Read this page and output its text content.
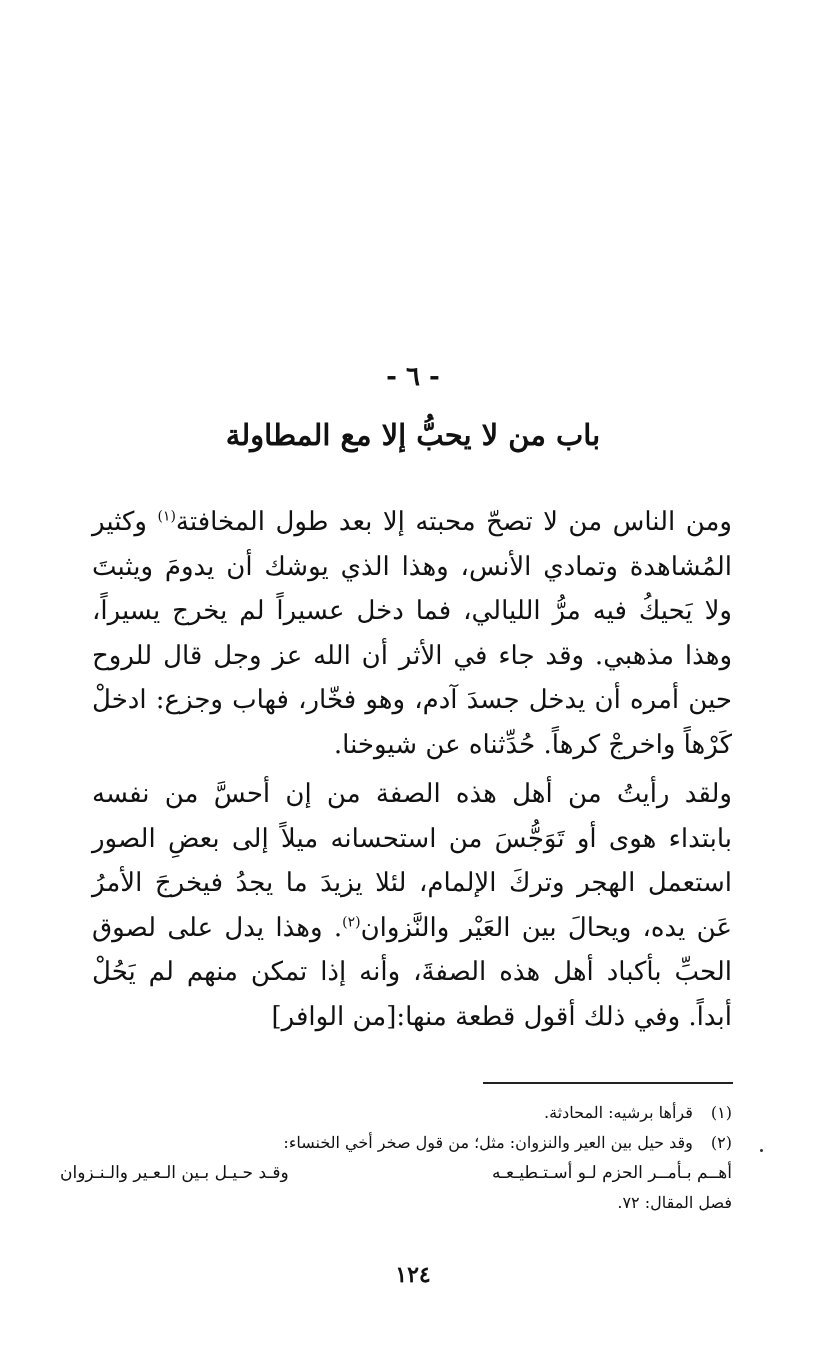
- ٦ -
باب من لا يحبُّ إلا مع المطاولة
ومن الناس من لا تصحّ محبته إلا بعد طول المخافتة$^{(١)}$ وكثير المُشاهدة وتمادي الأنس، وهذا الذي يوشك أن يدومَ ويثبتَ ولا يَحيكُ فيه مرُّ الليالي، فما دخل عسيراً لم يخرج يسيراً، وهذا مذهبي. وقد جاء في الأثر أن الله عز وجل قال للروح حين أمره أن يدخل جسدَ آدم، وهو فخّار، فهاب وجزع: ادخلْ كَرْهاً واخرجْ كرهاً. حُدِّثناه عن شيوخنا.
ولقد رأيتُ من أهل هذه الصفة من إن أحسَّ من نفسه بابتداء هوى أو تَوَجُّسَ من استحسانه ميلاً إلى بعضِ الصور استعمل الهجر وتركَ الإلمام، لئلا يزيدَ ما يجدُ فيخرجَ الأمرُ عَن يده، ويحالَ بين العَيْر والنَّزوان$^{(٢)}$. وهذا يدل على لصوق الحبِّ بأكباد أهل هذه الصفةَ، وأنه إذا تمكن منهم لم يَحُلْ أبداً. وفي ذلك أقول قطعة منها:[من الوافر]
(١) قرأها برشيه: المحادثة.
(٢) وقد حيل بين العير والنزوان: مثل؛ من قول صخر أخي الخنساء:
أهــم بـأمــر الحزم لـو أسـتـطيـعـه
وقـد حـيـل بـين الـعـير والـنـزوان
فصل المقال: ٧٢.
١٢٤
